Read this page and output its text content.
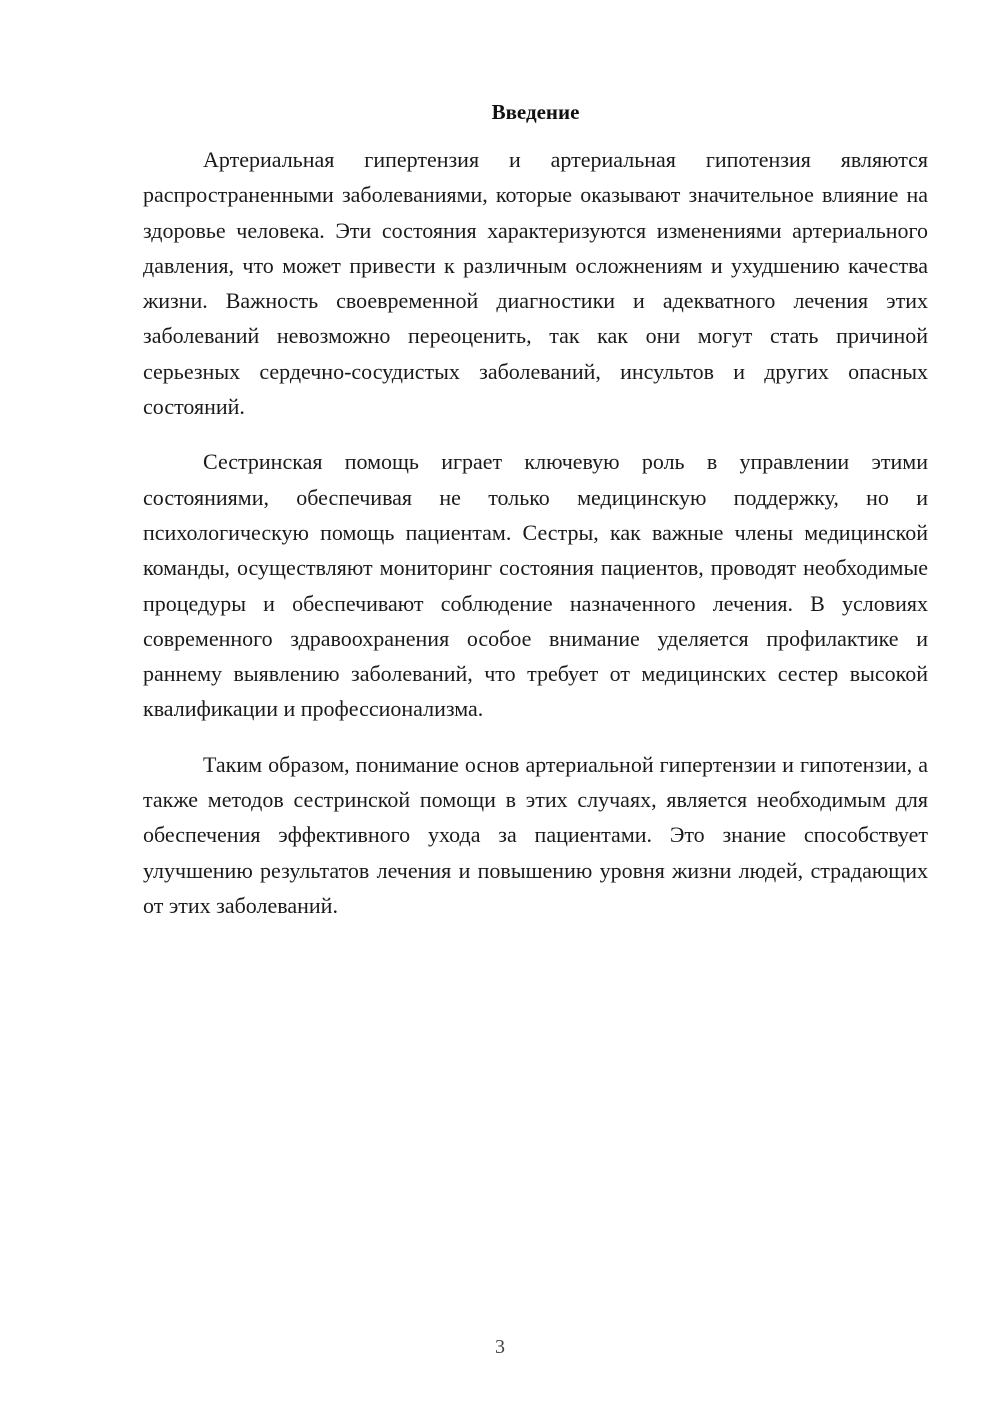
Введение

Артериальная гипертензия и артериальная гипотензия являются распространенными заболеваниями, которые оказывают значительное влияние на здоровье человека. Эти состояния характеризуются изменениями артериального давления, что может привести к различным осложнениям и ухудшению качества жизни. Важность своевременной диагностики и адекватного лечения этих заболеваний невозможно переоценить, так как они могут стать причиной серьезных сердечно-сосудистых заболеваний, инсультов и других опасных состояний.

Сестринская помощь играет ключевую роль в управлении этими состояниями, обеспечивая не только медицинскую поддержку, но и психологическую помощь пациентам. Сестры, как важные члены медицинской команды, осуществляют мониторинг состояния пациентов, проводят необходимые процедуры и обеспечивают соблюдение назначенного лечения. В условиях современного здравоохранения особое внимание уделяется профилактике и раннему выявлению заболеваний, что требует от медицинских сестер высокой квалификации и профессионализма.

Таким образом, понимание основ артериальной гипертензии и гипотензии, а также методов сестринской помощи в этих случаях, является необходимым для обеспечения эффективного ухода за пациентами. Это знание способствует улучшению результатов лечения и повышению уровня жизни людей, страдающих от этих заболеваний.

3
